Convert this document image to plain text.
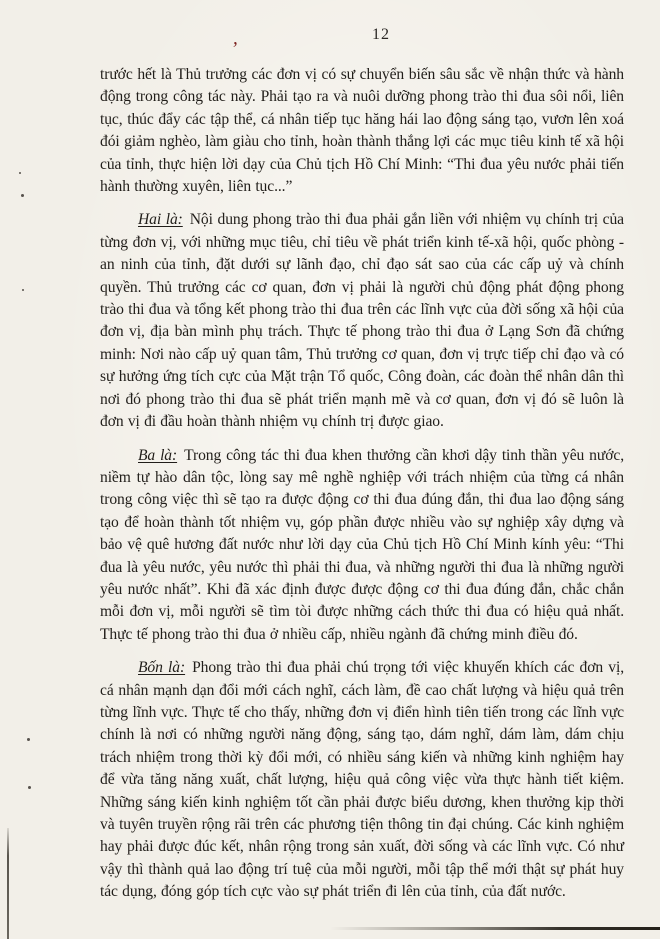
12
,

trước hết là Thủ trưởng các đơn vị có sự chuyển biến sâu sắc về nhận thức và hành động trong công tác này. Phải tạo ra và nuôi dưỡng phong trào thi đua sôi nổi, liên tục, thúc đẩy các tập thể, cá nhân tiếp tục hăng hái lao động sáng tạo, vươn lên xoá đói giảm nghèo, làm giàu cho tỉnh, hoàn thành thắng lợi các mục tiêu kinh tế xã hội của tỉnh, thực hiện lời dạy của Chủ tịch Hồ Chí Minh: “Thi đua yêu nước phải tiến hành thường xuyên, liên tục...”

Hai là: Nội dung phong trào thi đua phải gắn liền với nhiệm vụ chính trị của từng đơn vị, với những mục tiêu, chỉ tiêu về phát triển kinh tế-xã hội, quốc phòng -an ninh của tỉnh, đặt dưới sự lãnh đạo, chỉ đạo sát sao của các cấp uỷ và chính quyền. Thủ trưởng các cơ quan, đơn vị phải là người chủ động phát động phong trào thi đua và tổng kết phong trào thi đua trên các lĩnh vực của đời sống xã hội của đơn vị, địa bàn mình phụ trách. Thực tế phong trào thi đua ở Lạng Sơn đã chứng minh: Nơi nào cấp uỷ quan tâm, Thủ trưởng cơ quan, đơn vị trực tiếp chỉ đạo và có sự hưởng ứng tích cực của Mặt trận Tổ quốc, Công đoàn, các đoàn thể nhân dân thì nơi đó phong trào thi đua sẽ phát triển mạnh mẽ và cơ quan, đơn vị đó sẽ luôn là đơn vị đi đầu hoàn thành nhiệm vụ chính trị được giao.

Ba là: Trong công tác thi đua khen thưởng cần khơi dậy tinh thần yêu nước, niềm tự hào dân tộc, lòng say mê nghề nghiệp với trách nhiệm của từng cá nhân trong công việc thì sẽ tạo ra được động cơ thi đua đúng đắn, thi đua lao động sáng tạo để hoàn thành tốt nhiệm vụ, góp phần được nhiều vào sự nghiệp xây dựng và bảo vệ quê hương đất nước như lời dạy của Chủ tịch Hồ Chí Minh kính yêu: “Thi đua là yêu nước, yêu nước thì phải thi đua, và những người thi đua là những người yêu nước nhất”. Khi đã xác định được được động cơ thi đua đúng đắn, chắc chắn mỗi đơn vị, mỗi người sẽ tìm tòi được những cách thức thi đua có hiệu quả nhất. Thực tế phong trào thi đua ở nhiều cấp, nhiều ngành đã chứng minh điều đó.

Bốn là: Phong trào thi đua phải chú trọng tới việc khuyến khích các đơn vị, cá nhân mạnh dạn đổi mới cách nghĩ, cách làm, đề cao chất lượng và hiệu quả trên từng lĩnh vực. Thực tế cho thấy, những đơn vị điển hình tiên tiến trong các lĩnh vực chính là nơi có những người năng động, sáng tạo, dám nghĩ, dám làm, dám chịu trách nhiệm trong thời kỳ đổi mới, có nhiều sáng kiến và những kinh nghiệm hay để vừa tăng năng xuất, chất lượng, hiệu quả công việc vừa thực hành tiết kiệm. Những sáng kiến kinh nghiệm tốt cần phải được biểu dương, khen thưởng kịp thời và tuyên truyền rộng rãi trên các phương tiện thông tin đại chúng. Các kinh nghiệm hay phải được đúc kết, nhân rộng trong sản xuất, đời sống và các lĩnh vực. Có như vậy thì thành quả lao động trí tuệ của mỗi người, mỗi tập thể mới thật sự phát huy tác dụng, đóng góp tích cực vào sự phát triển đi lên của tỉnh, của đất nước.
